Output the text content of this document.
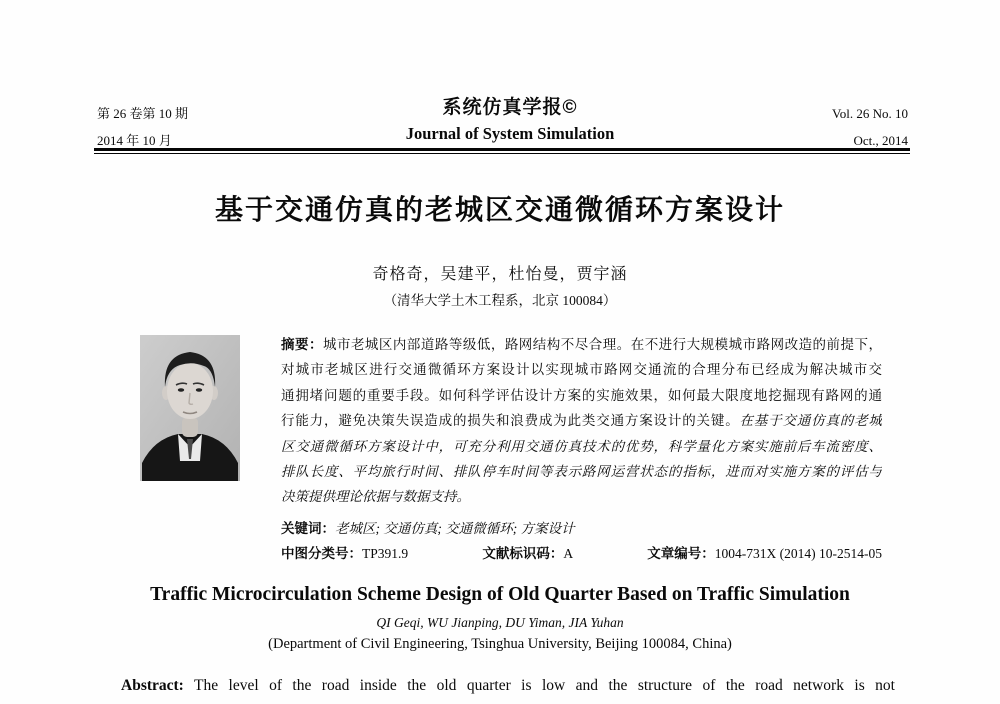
第 26 卷第 10 期
2014 年 10 月
系统仿真学报©
Journal of System Simulation
Vol. 26 No. 10
Oct., 2014
基于交通仿真的老城区交通微循环方案设计
奇格奇，吴建平，杜怡曼，贾宇涵
（清华大学土木工程系，北京 100084）
摘要：城市老城区内部道路等级低，路网结构不尽合理。在不进行大规模城市路网改造的前提下，
对城市老城区进行交通微循环方案设计以实现城市路网交通流的合理分布已经成为解决城市交
通拥堵问题的重要手段。如何科学评估设计方案的实施效果，如何最大限度地挖掘现有路网的通
行能力，避免决策失误造成的损失和浪费成为此类交通方案设计的关键。在基于交通仿真的老城
区交通微循环方案设计中，可充分利用交通仿真技术的优势，科学量化方案实施前后车流密度、
排队长度、平均旅行时间、排队停车时间等表示路网运营状态的指标，进而对实施方案的评估与
决策提供理论依据与数据支持。
关键词：老城区; 交通仿真; 交通微循环; 方案设计
中图分类号：TP391.9	文献标识码：A	文章编号：1004-731X (2014) 10-2514-05
Traffic Microcirculation Scheme Design of Old Quarter Based on Traffic Simulation
QI Geqi, WU Jianping, DU Yiman, JIA Yuhan
(Department of Civil Engineering, Tsinghua University, Beijing 100084, China)

Abstract: The level of the road inside the old quarter is low and the structure of the road network is not
